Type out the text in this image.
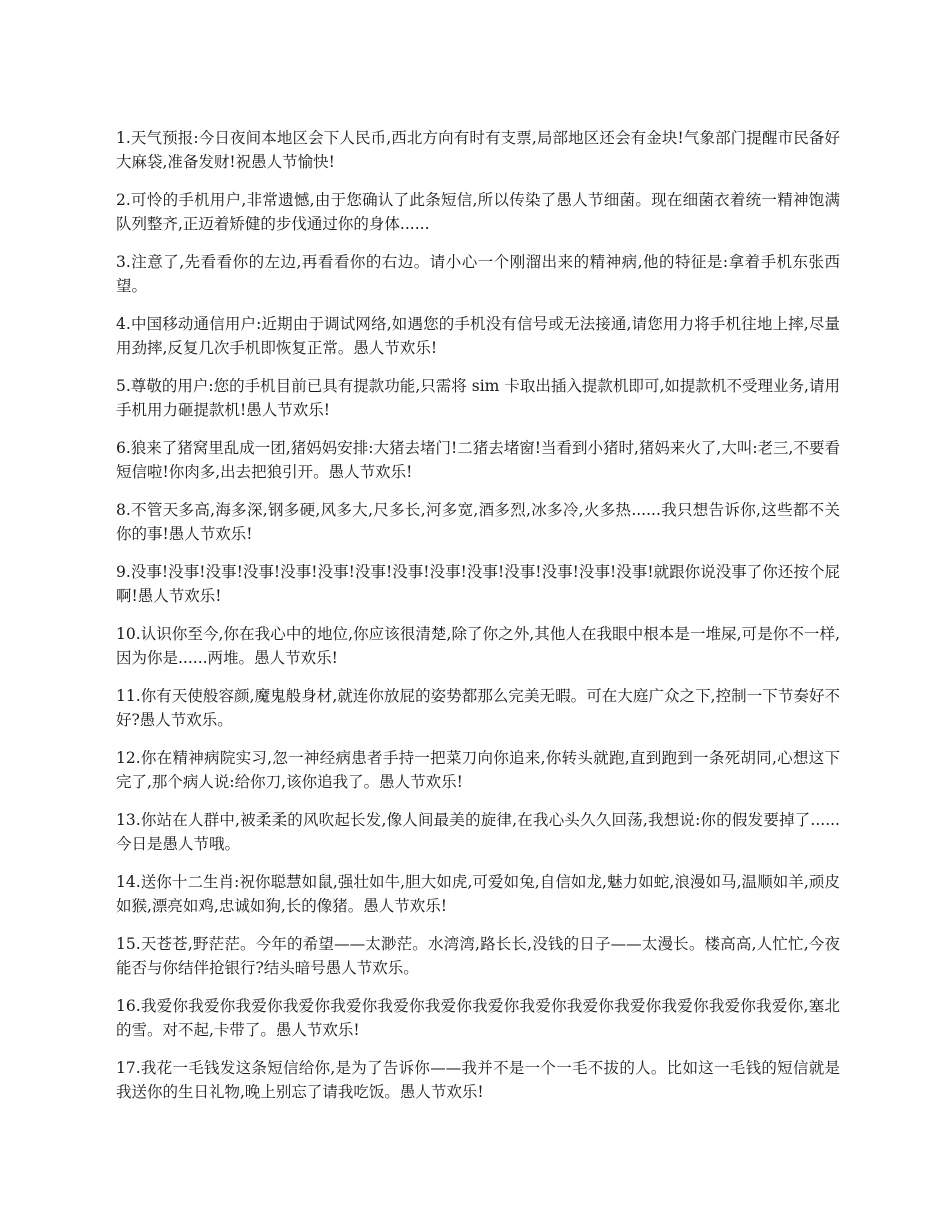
1.天气预报:今日夜间本地区会下人民币,西北方向有时有支票,局部地区还会有金块!气象部门提醒市民备好大麻袋,准备发财!祝愚人节愉快!

2.可怜的手机用户,非常遗憾,由于您确认了此条短信,所以传染了愚人节细菌。现在细菌衣着统一精神饱满队列整齐,正迈着矫健的步伐通过你的身体......

3.注意了,先看看你的左边,再看看你的右边。请小心一个刚溜出来的精神病,他的特征是:拿着手机东张西望。

4.中国移动通信用户:近期由于调试网络,如遇您的手机没有信号或无法接通,请您用力将手机往地上摔,尽量用劲摔,反复几次手机即恢复正常。愚人节欢乐!

5.尊敬的用户:您的手机目前已具有提款功能,只需将 sim 卡取出插入提款机即可,如提款机不受理业务,请用手机用力砸提款机!愚人节欢乐!

6.狼来了猪窝里乱成一团,猪妈妈安排:大猪去堵门!二猪去堵窗!当看到小猪时,猪妈来火了,大叫:老三,不要看短信啦!你肉多,出去把狼引开。愚人节欢乐!

8.不管天多高,海多深,钢多硬,风多大,尺多长,河多宽,酒多烈,冰多冷,火多热......我只想告诉你,这些都不关你的事!愚人节欢乐!

9.没事!没事!没事!没事!没事!没事!没事!没事!没事!没事!没事!没事!没事!没事!就跟你说没事了你还按个屁啊!愚人节欢乐!

10.认识你至今,你在我心中的地位,你应该很清楚,除了你之外,其他人在我眼中根本是一堆屎,可是你不一样,因为你是......两堆。愚人节欢乐!

11.你有天使般容颜,魔鬼般身材,就连你放屁的姿势都那么完美无暇。可在大庭广众之下,控制一下节奏好不好?愚人节欢乐。

12.你在精神病院实习,忽一神经病患者手持一把菜刀向你追来,你转头就跑,直到跑到一条死胡同,心想这下完了,那个病人说:给你刀,该你追我了。愚人节欢乐!

13.你站在人群中,被柔柔的风吹起长发,像人间最美的旋律,在我心头久久回荡,我想说:你的假发要掉了......今日是愚人节哦。

14.送你十二生肖:祝你聪慧如鼠,强壮如牛,胆大如虎,可爱如兔,自信如龙,魅力如蛇,浪漫如马,温顺如羊,顽皮如猴,漂亮如鸡,忠诚如狗,长的像猪。愚人节欢乐!

15.天苍苍,野茫茫。今年的希望——太渺茫。水湾湾,路长长,没钱的日子——太漫长。楼高高,人忙忙,今夜能否与你结伴抢银行?结头暗号愚人节欢乐。

16.我爱你我爱你我爱你我爱你我爱你我爱你我爱你我爱你我爱你我爱你我爱你我爱你我爱你我爱你,塞北的雪。对不起,卡带了。愚人节欢乐!

17.我花一毛钱发这条短信给你,是为了告诉你——我并不是一个一毛不拔的人。比如这一毛钱的短信就是我送你的生日礼物,晚上别忘了请我吃饭。愚人节欢乐!
